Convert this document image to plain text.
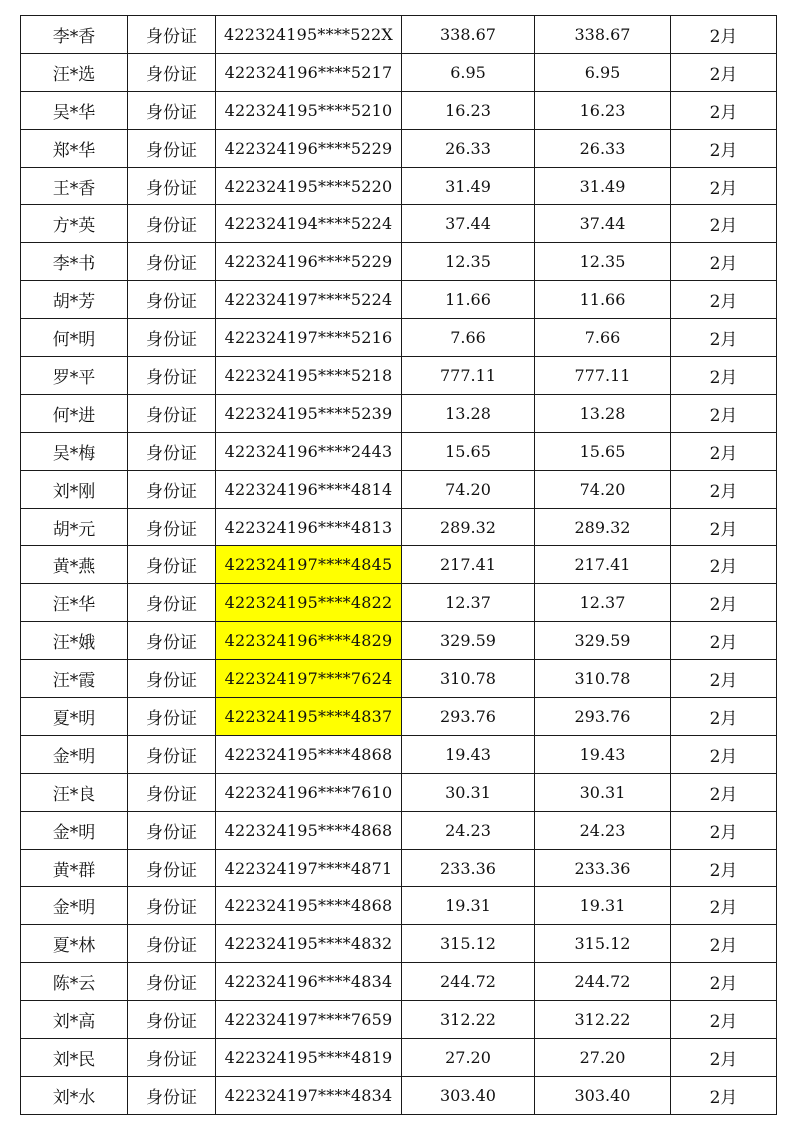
李*香	身份证	422324195****522X	338.67	338.67	2月
汪*选	身份证	422324196****5217	6.95	6.95	2月
吴*华	身份证	422324195****5210	16.23	16.23	2月
郑*华	身份证	422324196****5229	26.33	26.33	2月
王*香	身份证	422324195****5220	31.49	31.49	2月
方*英	身份证	422324194****5224	37.44	37.44	2月
李*书	身份证	422324196****5229	12.35	12.35	2月
胡*芳	身份证	422324197****5224	11.66	11.66	2月
何*明	身份证	422324197****5216	7.66	7.66	2月
罗*平	身份证	422324195****5218	777.11	777.11	2月
何*进	身份证	422324195****5239	13.28	13.28	2月
吴*梅	身份证	422324196****2443	15.65	15.65	2月
刘*刚	身份证	422324196****4814	74.20	74.20	2月
胡*元	身份证	422324196****4813	289.32	289.32	2月
黄*燕	身份证	422324197****4845	217.41	217.41	2月
汪*华	身份证	422324195****4822	12.37	12.37	2月
汪*娥	身份证	422324196****4829	329.59	329.59	2月
汪*霞	身份证	422324197****7624	310.78	310.78	2月
夏*明	身份证	422324195****4837	293.76	293.76	2月
金*明	身份证	422324195****4868	19.43	19.43	2月
汪*良	身份证	422324196****7610	30.31	30.31	2月
金*明	身份证	422324195****4868	24.23	24.23	2月
黄*群	身份证	422324197****4871	233.36	233.36	2月
金*明	身份证	422324195****4868	19.31	19.31	2月
夏*林	身份证	422324195****4832	315.12	315.12	2月
陈*云	身份证	422324196****4834	244.72	244.72	2月
刘*高	身份证	422324197****7659	312.22	312.22	2月
刘*民	身份证	422324195****4819	27.20	27.20	2月
刘*水	身份证	422324197****4834	303.40	303.40	2月
